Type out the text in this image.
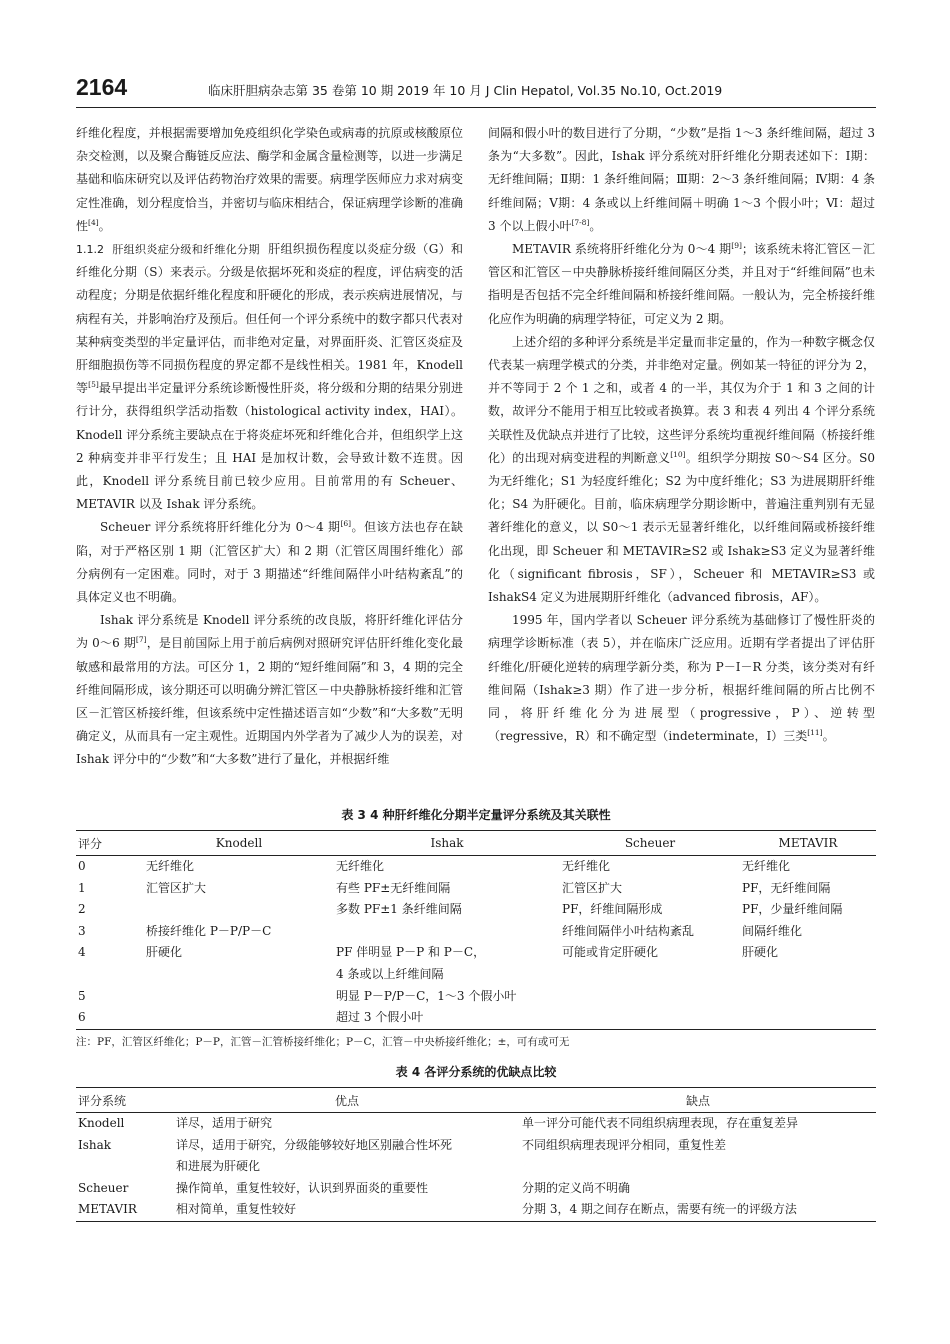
2164	临床肝胆病杂志第 35 卷第 10 期 2019 年 10 月 J Clin Hepatol, Vol.35 No.10, Oct.2019

纤维化程度，并根据需要增加免疫组织化学染色或病毒的抗原或核酸原位杂交检测，以及聚合酶链反应法、酶学和金属含量检测等，以进一步满足基础和临床研究以及评估药物治疗效果的需要。病理学医师应力求对病变定性准确，划分程度恰当，并密切与临床相结合，保证病理学诊断的准确性[4]。

1.1.2 肝组织炎症分级和纤维化分期 肝组织损伤程度以炎症分级（G）和纤维化分期（S）来表示。分级是依据坏死和炎症的程度，评估病变的活动程度；分期是依据纤维化程度和肝硬化的形成，表示疾病进展情况，与病程有关，并影响治疗及预后。但任何一个评分系统中的数字都只代表对某种病变类型的半定量评估，而非绝对定量，对界面肝炎、汇管区炎症及肝细胞损伤等不同损伤程度的界定都不是线性相关。1981 年，Knodell 等[5]最早提出半定量评分系统诊断慢性肝炎，将分级和分期的结果分别进行计分，获得组织学活动指数（histological activity index，HAI）。Knodell 评分系统主要缺点在于将炎症坏死和纤维化合并，但组织学上这 2 种病变并非平行发生；且 HAI 是加权计数，会导致计数不连贯。因此，Knodell 评分系统目前已较少应用。目前常用的有 Scheuer、METAVIR 以及 Ishak 评分系统。

Scheuer 评分系统将肝纤维化分为 0～4 期[6]。但该方法也存在缺陷，对于严格区别 1 期（汇管区扩大）和 2 期（汇管区周围纤维化）部分病例有一定困难。同时，对于 3 期描述“纤维间隔伴小叶结构紊乱”的具体定义也不明确。

Ishak 评分系统是 Knodell 评分系统的改良版，将肝纤维化评估分为 0～6 期[7]，是目前国际上用于前后病例对照研究评估肝纤维化变化最敏感和最常用的方法。可区分 1，2 期的“短纤维间隔”和 3，4 期的完全纤维间隔形成，该分期还可以明确分辨汇管区－中央静脉桥接纤维和汇管区－汇管区桥接纤维，但该系统中定性描述语言如“少数”和“大多数”无明确定义，从而具有一定主观性。近期国内外学者为了减少人为的误差，对 Ishak 评分中的“少数”和“大多数”进行了量化，并根据纤维

间隔和假小叶的数目进行了分期，“少数”是指 1～3 条纤维间隔，超过 3 条为“大多数”。因此，Ishak 评分系统对肝纤维化分期表述如下：Ⅰ期：无纤维间隔；Ⅱ期：1 条纤维间隔；Ⅲ期：2～3 条纤维间隔；Ⅳ期：4 条纤维间隔；Ⅴ期：4 条或以上纤维间隔＋明确 1～3 个假小叶；Ⅵ：超过 3 个以上假小叶[7-8]。

METAVIR 系统将肝纤维化分为 0～4 期[9]；该系统未将汇管区－汇管区和汇管区－中央静脉桥接纤维间隔区分类，并且对于“纤维间隔”也未指明是否包括不完全纤维间隔和桥接纤维间隔。一般认为，完全桥接纤维化应作为明确的病理学特征，可定义为 2 期。

上述介绍的多种评分系统是半定量而非定量的，作为一种数字概念仅代表某一病理学模式的分类，并非绝对定量。例如某一特征的评分为 2，并不等同于 2 个 1 之和，或者 4 的一半，其仅为介于 1 和 3 之间的计数，故评分不能用于相互比较或者换算。表 3 和表 4 列出 4 个评分系统关联性及优缺点并进行了比较，这些评分系统均重视纤维间隔（桥接纤维化）的出现对病变进程的判断意义[10]。组织学分期按 S0～S4 区分。S0 为无纤维化；S1 为轻度纤维化；S2 为中度纤维化；S3 为进展期肝纤维化；S4 为肝硬化。目前，临床病理学分期诊断中，普遍注重判别有无显著纤维化的意义，以 S0～1 表示无显著纤维化，以纤维间隔或桥接纤维化出现，即 Scheuer 和 METAVIR≥S2 或 Ishak≥S3 定义为显著纤维化（significant fibrosis，SF），Scheuer 和 METAVIR≥S3 或 IshakS4 定义为进展期肝纤维化（advanced fibrosis，AF）。

1995 年，国内学者以 Scheuer 评分系统为基础修订了慢性肝炎的病理学诊断标准（表 5），并在临床广泛应用。近期有学者提出了评估肝纤维化/肝硬化逆转的病理学新分类，称为 P－I－R 分类，该分类对有纤维间隔（Ishak≥3 期）作了进一步分析，根据纤维间隔的所占比例不同，将肝纤维化分为进展型（progressive，P）、逆转型（regressive，R）和不确定型（indeterminate，I）三类[11]。

表 3 4 种肝纤维化分期半定量评分系统及其关联性
评分	Knodell	Ishak	Scheuer	METAVIR
0	无纤维化	无纤维化	无纤维化	无纤维化
1	汇管区扩大	有些 PF±无纤维间隔	汇管区扩大	PF，无纤维间隔
2		多数 PF±1 条纤维间隔	PF，纤维间隔形成	PF，少量纤维间隔
3	桥接纤维化 P－P/P－C		纤维间隔伴小叶结构紊乱	间隔纤维化
4	肝硬化	PF 伴明显 P－P 和 P－C，	可能或肯定肝硬化	肝硬化
		4 条或以上纤维间隔		
5		明显 P－P/P－C，1～3 个假小叶		
6		超过 3 个假小叶		
注：PF，汇管区纤维化；P－P，汇管－汇管桥接纤维化；P－C，汇管－中央桥接纤维化；±，可有或可无
表 4 各评分系统的优缺点比较
评分系统	优点	缺点
Knodell	详尽，适用于研究	单一评分可能代表不同组织病理表现，存在重复差异
Ishak	详尽，适用于研究，分级能够较好地区别融合性坏死	不同组织病理表现评分相同，重复性差
	和进展为肝硬化	
Scheuer	操作简单，重复性较好，认识到界面炎的重要性	分期的定义尚不明确
METAVIR	相对简单，重复性较好	分期 3，4 期之间存在断点，需要有统一的评级方法
